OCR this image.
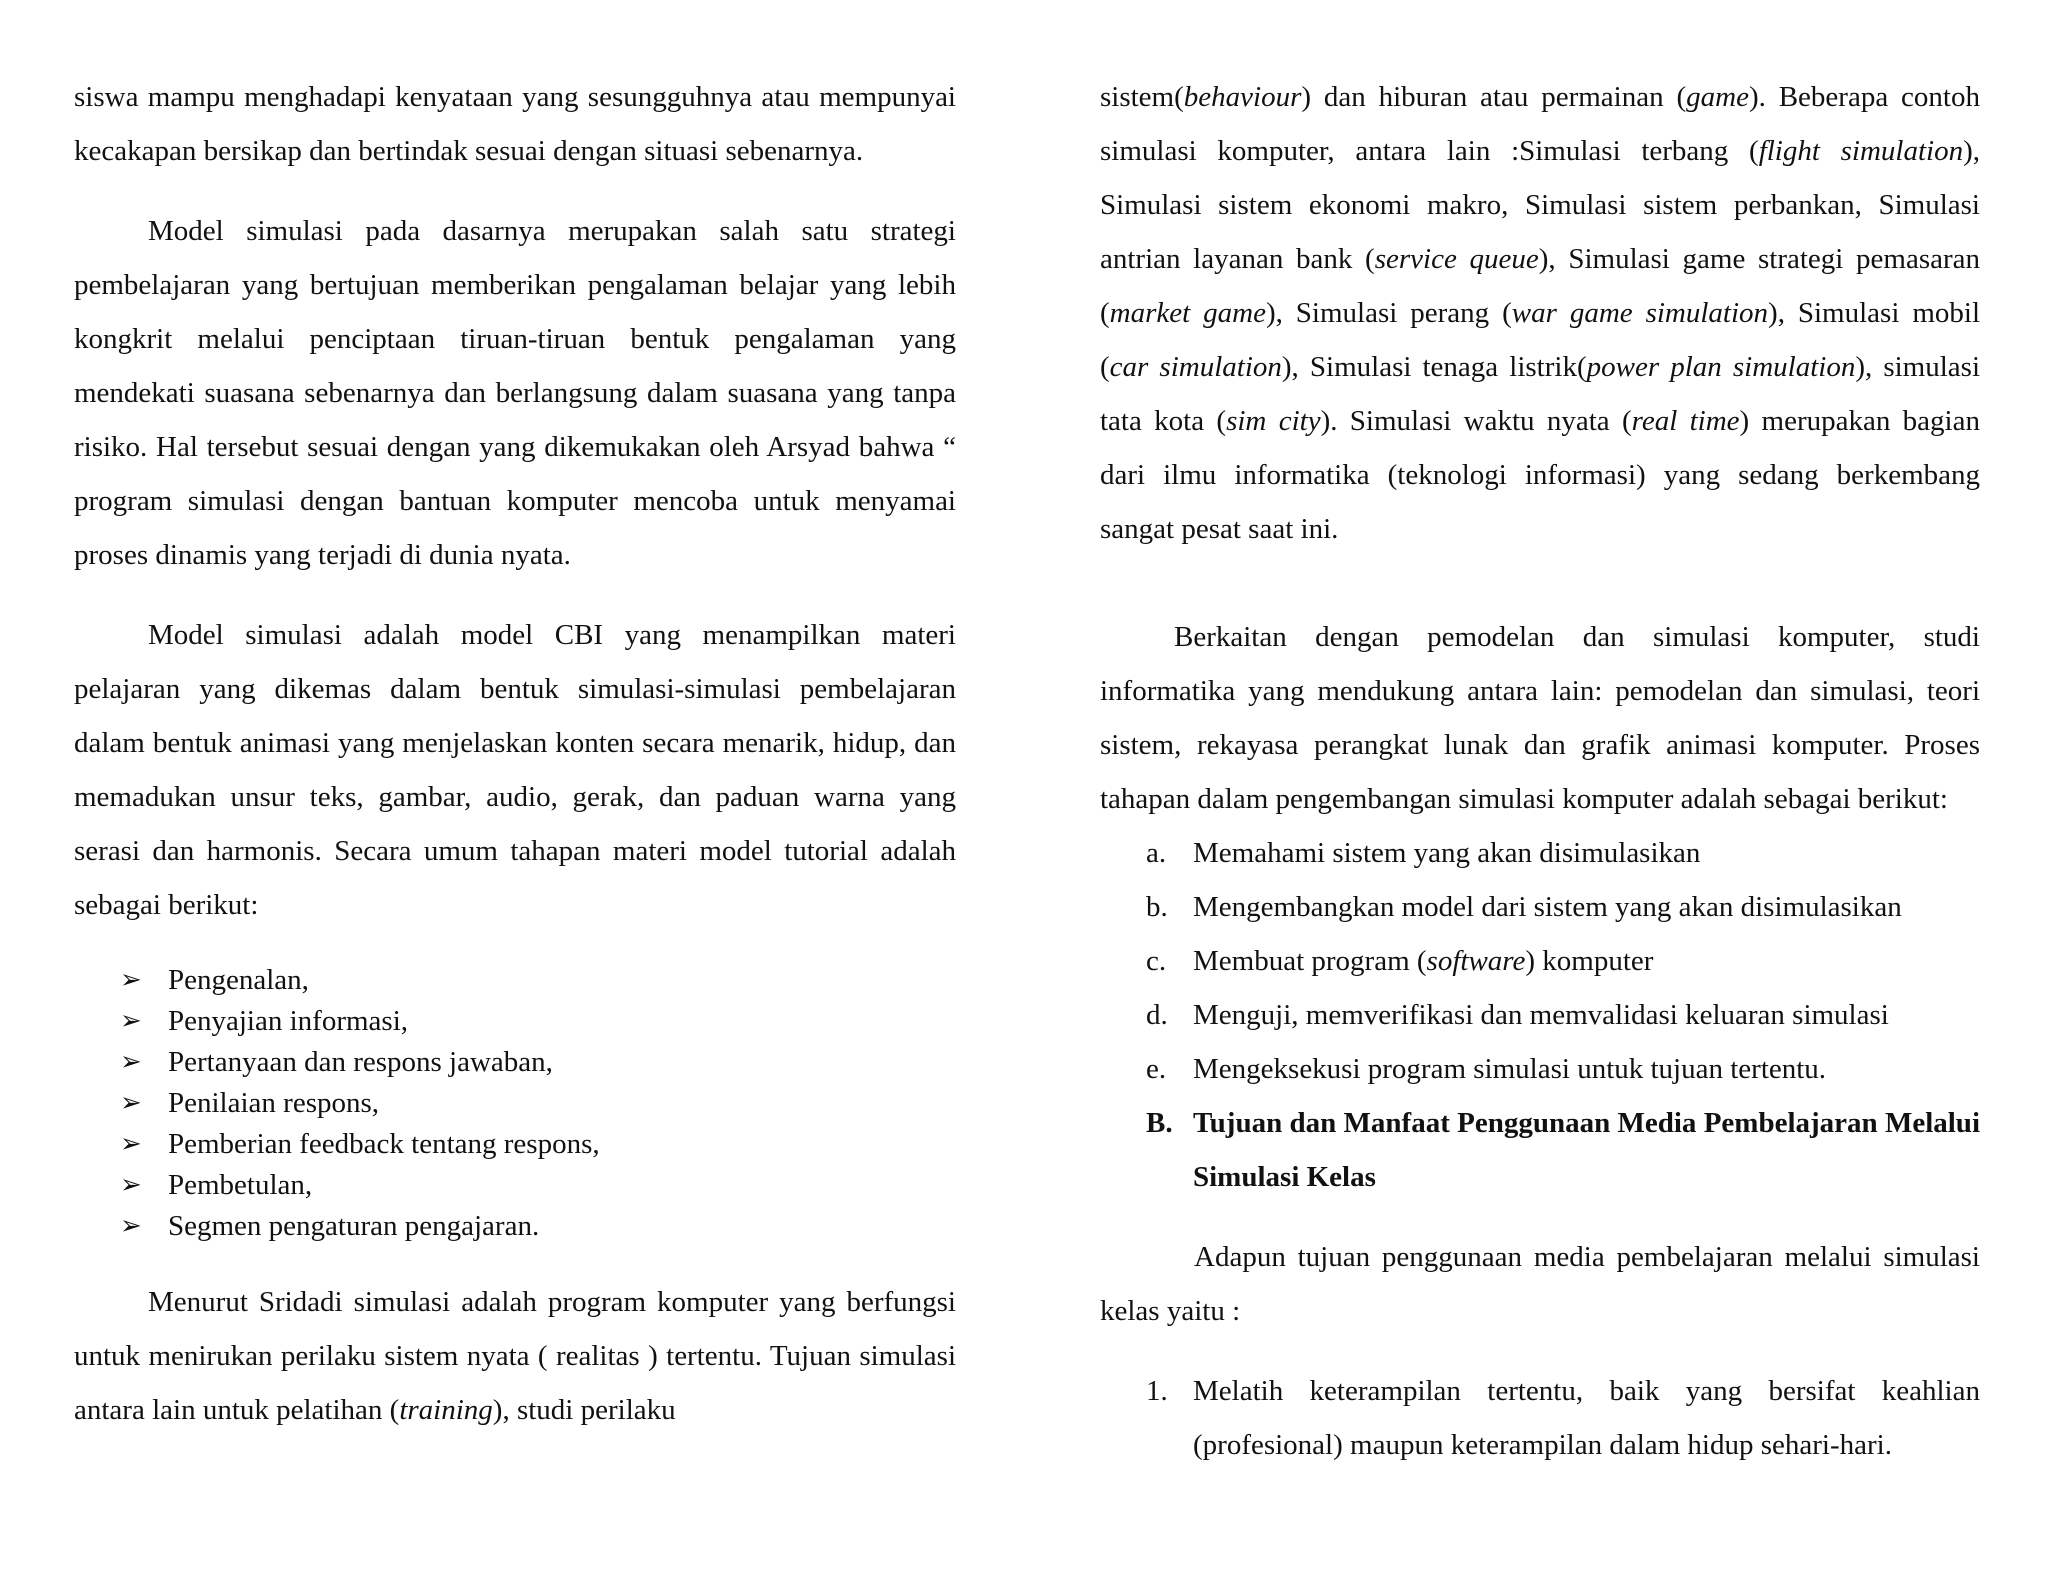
siswa mampu menghadapi kenyataan yang sesungguhnya atau mempunyai kecakapan bersikap dan bertindak sesuai dengan situasi sebenarnya.

Model simulasi pada dasarnya merupakan salah satu strategi pembelajaran yang bertujuan memberikan pengalaman belajar yang lebih kongkrit melalui penciptaan tiruan-tiruan bentuk pengalaman yang mendekati suasana sebenarnya dan berlangsung dalam suasana yang tanpa risiko. Hal tersebut sesuai dengan yang dikemukakan oleh Arsyad bahwa “ program simulasi dengan bantuan komputer mencoba untuk menyamai proses dinamis yang terjadi di dunia nyata.

Model simulasi adalah model CBI yang menampilkan materi pelajaran yang dikemas dalam bentuk simulasi-simulasi pembelajaran dalam bentuk animasi yang menjelaskan konten secara menarik, hidup, dan memadukan unsur teks, gambar, audio, gerak, dan paduan warna yang serasi dan harmonis. Secara umum tahapan materi model tutorial adalah sebagai berikut:

➢ Pengenalan,
➢ Penyajian informasi,
➢ Pertanyaan dan respons jawaban,
➢ Penilaian respons,
➢ Pemberian feedback tentang respons,
➢ Pembetulan,
➢ Segmen pengaturan pengajaran.

Menurut Sridadi simulasi adalah program komputer yang berfungsi untuk menirukan perilaku sistem nyata ( realitas ) tertentu. Tujuan simulasi antara lain untuk pelatihan (training), studi perilaku

sistem(behaviour) dan hiburan atau permainan (game). Beberapa contoh simulasi komputer, antara lain :Simulasi terbang (flight simulation), Simulasi sistem ekonomi makro, Simulasi sistem perbankan, Simulasi antrian layanan bank (service queue), Simulasi game strategi pemasaran (market game), Simulasi perang (war game simulation), Simulasi mobil (car simulation), Simulasi tenaga listrik(power plan simulation), simulasi tata kota (sim city). Simulasi waktu nyata (real time) merupakan bagian dari ilmu informatika (teknologi informasi) yang sedang berkembang sangat pesat saat ini.

Berkaitan dengan pemodelan dan simulasi komputer, studi informatika yang mendukung antara lain: pemodelan dan simulasi, teori sistem, rekayasa perangkat lunak dan grafik animasi komputer. Proses tahapan dalam pengembangan simulasi komputer adalah sebagai berikut:

a. Memahami sistem yang akan disimulasikan
b. Mengembangkan model dari sistem yang akan disimulasikan
c. Membuat program (software) komputer
d. Menguji, memverifikasi dan memvalidasi keluaran simulasi
e. Mengeksekusi program simulasi untuk tujuan tertentu.
B. Tujuan dan Manfaat Penggunaan Media Pembelajaran Melalui Simulasi Kelas

Adapun tujuan penggunaan media pembelajaran melalui simulasi kelas yaitu :

1. Melatih keterampilan tertentu, baik yang bersifat keahlian (profesional) maupun keterampilan dalam hidup sehari-hari.
